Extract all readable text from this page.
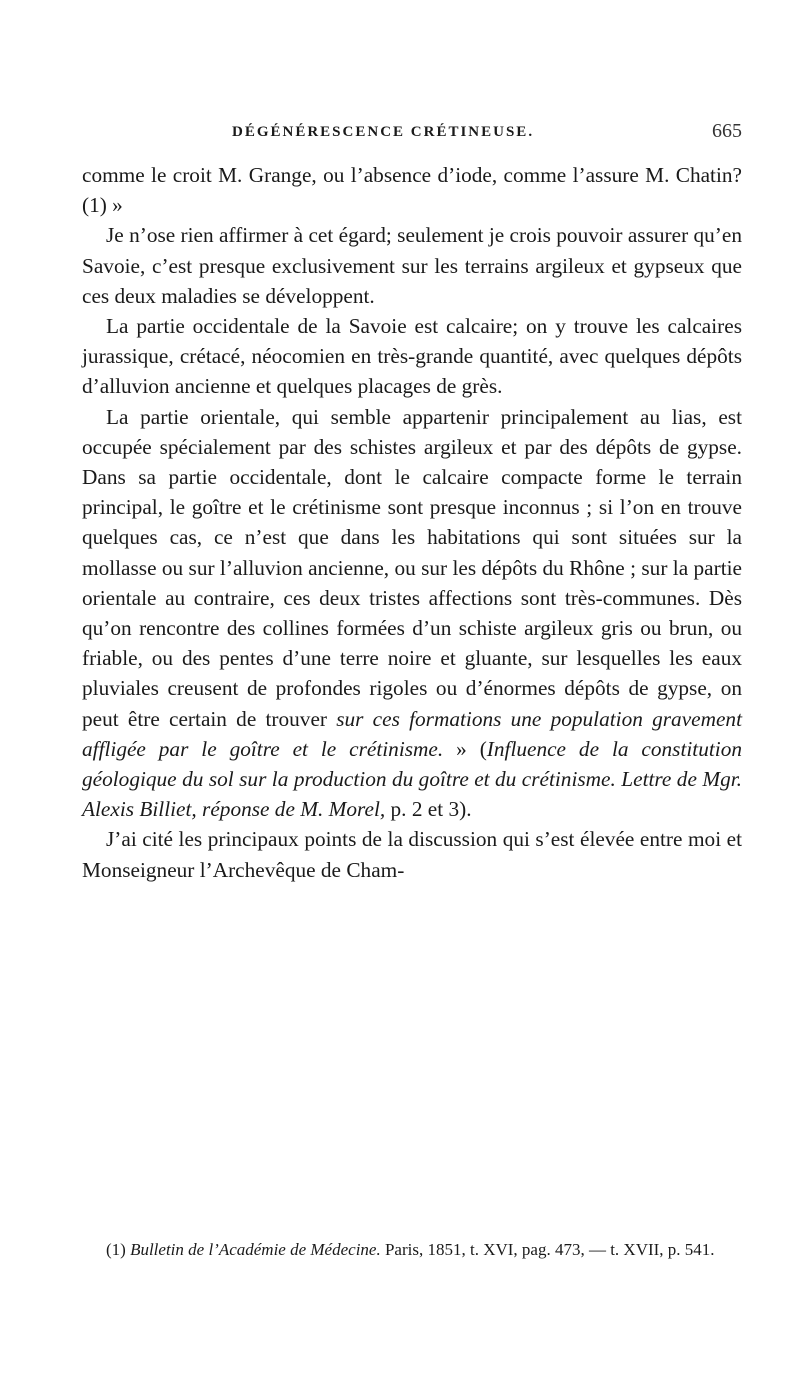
DÉGÉNÉRESCENCE CRÉTINEUSE.	665

comme le croit M. Grange, ou l’absence d’iode, comme l’assure M. Chatin? (1) »

Je n’ose rien affirmer à cet égard; seulement je crois pouvoir assurer qu’en Savoie, c’est presque exclusivement sur les terrains argileux et gypseux que ces deux maladies se développent.

La partie occidentale de la Savoie est calcaire; on y trouve les calcaires jurassique, crétacé, néocomien en très-grande quantité, avec quelques dépôts d’alluvion ancienne et quelques placages de grès.

La partie orientale, qui semble appartenir principalement au lias, est occupée spécialement par des schistes argileux et par des dépôts de gypse. Dans sa partie occidentale, dont le calcaire compacte forme le terrain principal, le goître et le crétinisme sont presque inconnus ; si l’on en trouve quelques cas, ce n’est que dans les habitations qui sont situées sur la mollasse ou sur l’alluvion ancienne, ou sur les dépôts du Rhône ; sur la partie orientale au contraire, ces deux tristes affections sont très-communes. Dès qu’on rencontre des collines formées d’un schiste argileux gris ou brun, ou friable, ou des pentes d’une terre noire et gluante, sur lesquelles les eaux pluviales creusent de profondes rigoles ou d’énormes dépôts de gypse, on peut être certain de trouver sur ces formations une population gravement affligée par le goître et le crétinisme. » (Influence de la constitution géologique du sol sur la production du goître et du crétinisme. Lettre de Mgr. Alexis Billiet, réponse de M. Morel, p. 2 et 3).

J’ai cité les principaux points de la discussion qui s’est élevée entre moi et Monseigneur l’Archevêque de Cham-

(1) Bulletin de l’Académie de Médecine. Paris, 1851, t. XVI, pag. 473, — t. XVII, p. 541.
